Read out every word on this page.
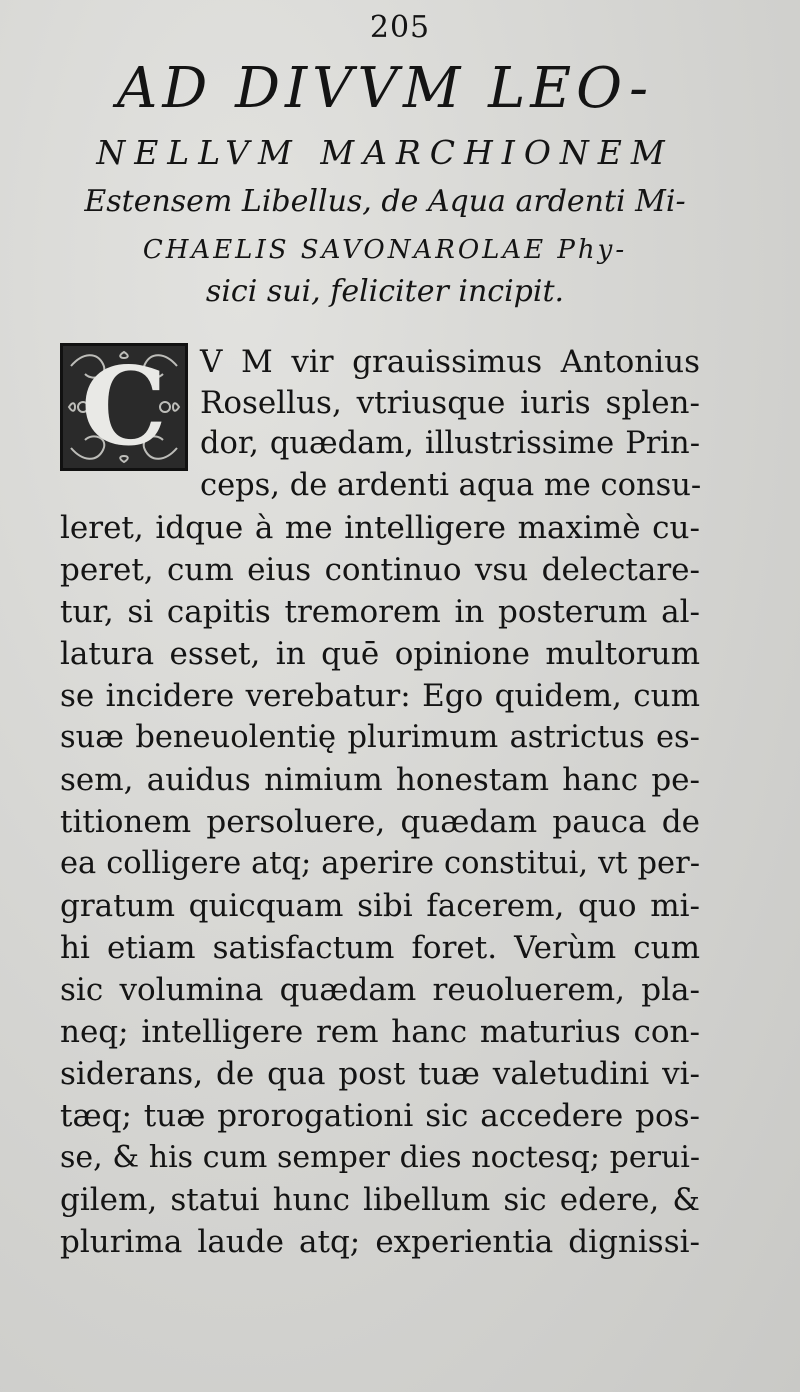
205

AD DIVVM LEO-

NELLVM MARCHIONEM

Estensem Libellus, de Aqua ardenti Mi-

CHAELIS SAVONAROLAE Phy-

sici sui, feliciter incipit.

C	V M vir grauissimus Antonius

Rosellus, vtriusque iuris splen-

dor, quædam, illustrissime Prin-

ceps, de ardenti aqua me consu-

leret, idque à me intelligere maximè cu-

peret, cum eius continuo vsu delectare-

tur, si capitis tremorem in posterum al-

latura esset, in quē opinione multorum

se incidere verebatur: Ego quidem, cum

suæ beneuolentię plurimum astrictus es-

sem, auidus nimium honestam hanc pe-

titionem persoluere, quædam pauca de

ea colligere atq; aperire constitui, vt per-

gratum quicquam sibi facerem, quo mi-

hi etiam satisfactum foret. Verùm cum

sic volumina quædam reuoluerem, pla-

neq; intelligere rem hanc maturius con-

siderans, de qua post tuæ valetudini vi-

tæq; tuæ prorogationi sic accedere pos-

se, & his cum semper dies noctesq; perui-

gilem, statui hunc libellum sic edere, &

plurima laude atq; experientia dignissi-
